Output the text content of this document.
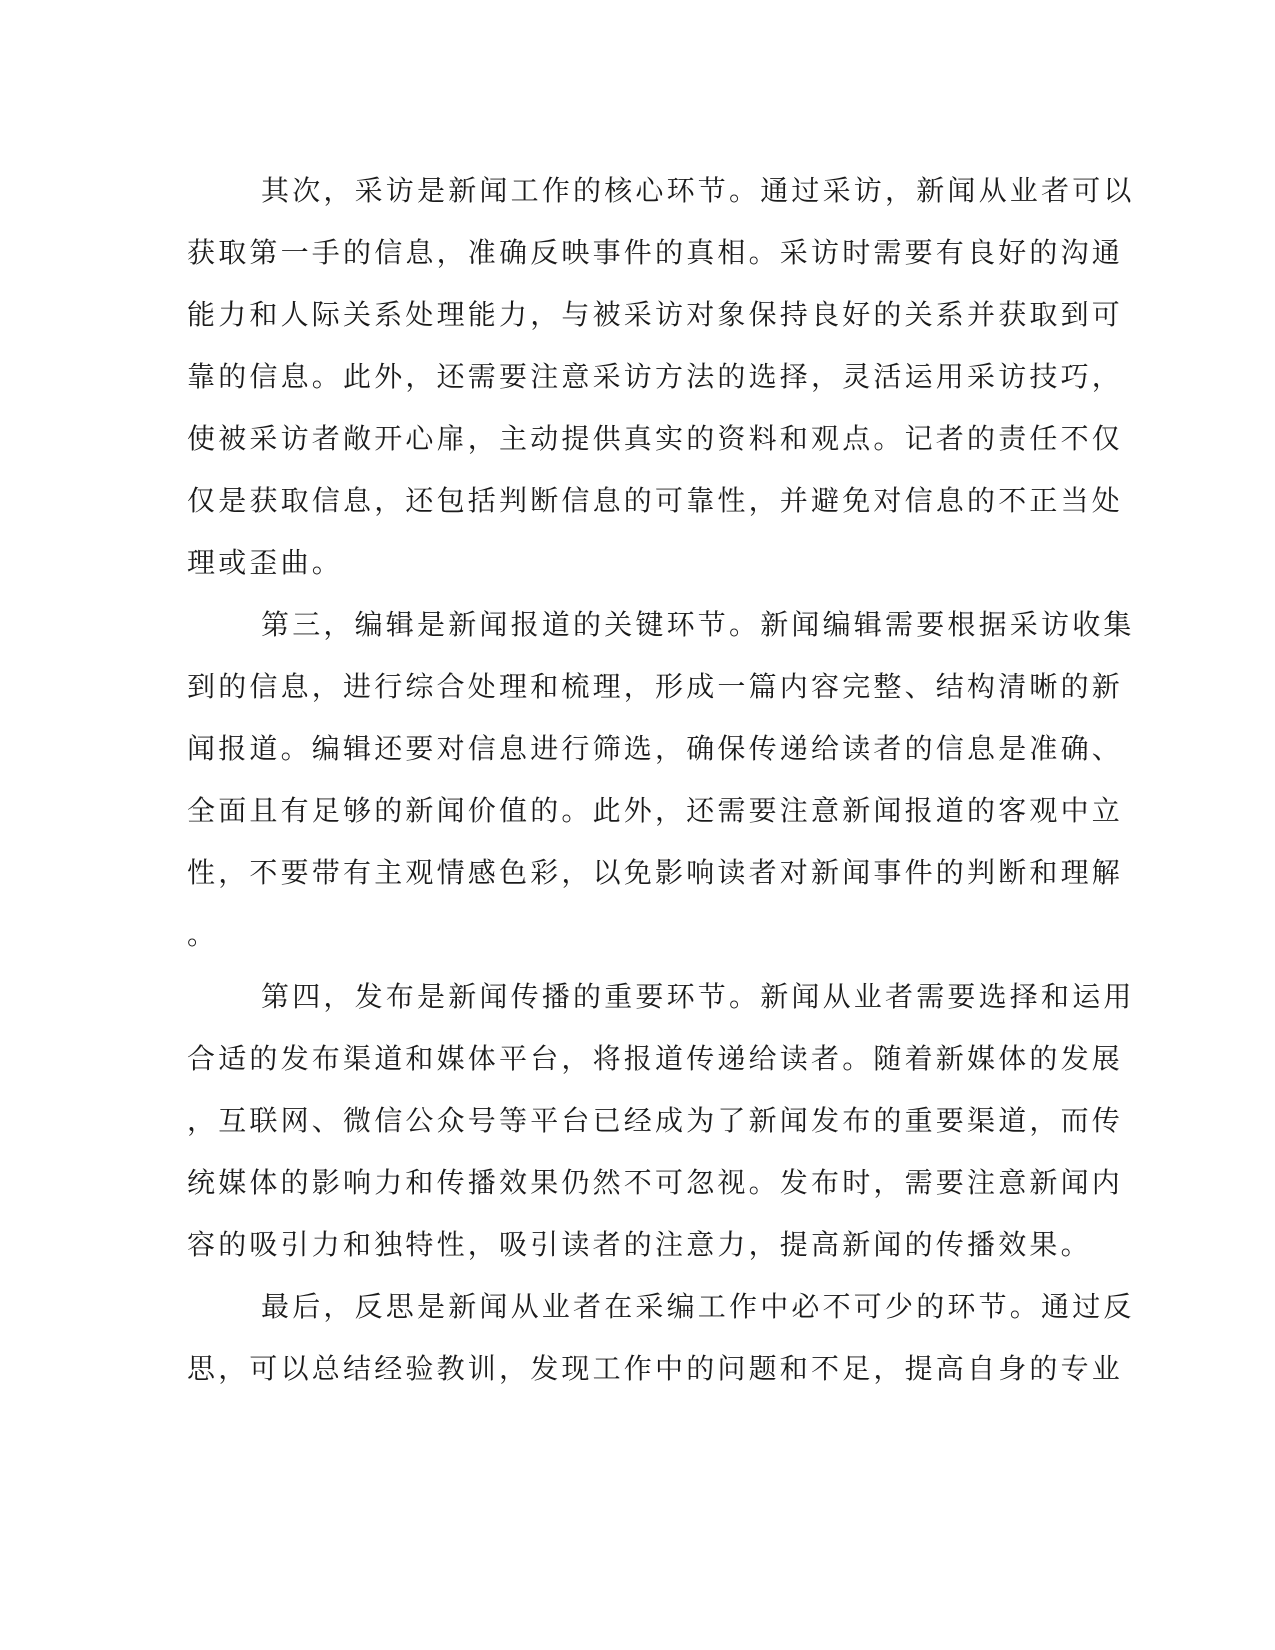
其次，采访是新闻工作的核心环节。通过采访，新闻从业者可以

获取第一手的信息，准确反映事件的真相。采访时需要有良好的沟通

能力和人际关系处理能力，与被采访对象保持良好的关系并获取到可

靠的信息。此外，还需要注意采访方法的选择，灵活运用采访技巧，

使被采访者敞开心扉，主动提供真实的资料和观点。记者的责任不仅

仅是获取信息，还包括判断信息的可靠性，并避免对信息的不正当处

理或歪曲。

第三，编辑是新闻报道的关键环节。新闻编辑需要根据采访收集

到的信息，进行综合处理和梳理，形成一篇内容完整、结构清晰的新

闻报道。编辑还要对信息进行筛选，确保传递给读者的信息是准确、

全面且有足够的新闻价值的。此外，还需要注意新闻报道的客观中立

性，不要带有主观情感色彩，以免影响读者对新闻事件的判断和理解

。

第四，发布是新闻传播的重要环节。新闻从业者需要选择和运用

合适的发布渠道和媒体平台，将报道传递给读者。随着新媒体的发展

，互联网、微信公众号等平台已经成为了新闻发布的重要渠道，而传

统媒体的影响力和传播效果仍然不可忽视。发布时，需要注意新闻内

容的吸引力和独特性，吸引读者的注意力，提高新闻的传播效果。

最后，反思是新闻从业者在采编工作中必不可少的环节。通过反

思，可以总结经验教训，发现工作中的问题和不足，提高自身的专业
